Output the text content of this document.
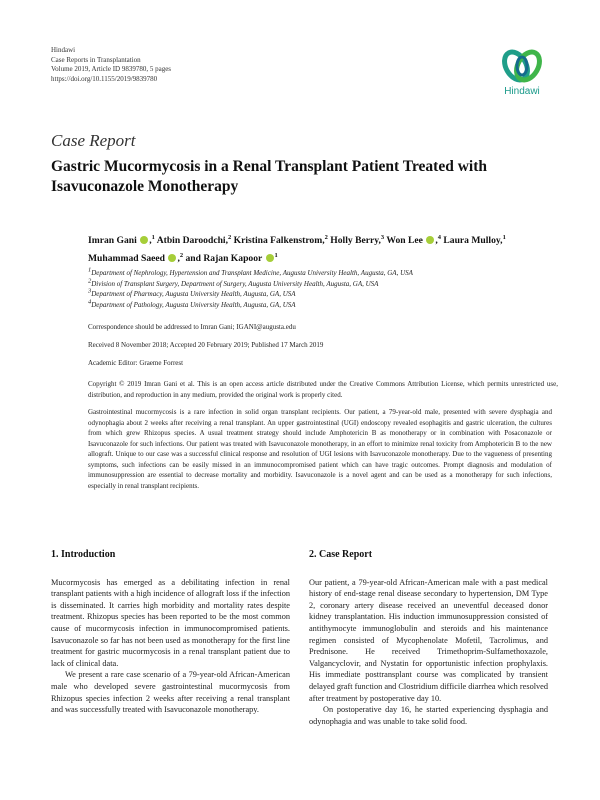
Hindawi
Case Reports in Transplantation
Volume 2019, Article ID 9839780, 5 pages
https://doi.org/10.1155/2019/9839780
Hindawi
Case Report
Gastric Mucormycosis in a Renal Transplant Patient Treated with Isavuconazole Monotherapy
Imran Gani ,$^1$ Atbin Daroodchi,$^2$ Kristina Falkenstrom,$^2$ Holly Berry,$^3$ Won Lee ,$^4$ Laura Mulloy,$^1$ Muhammad Saeed ,$^2$ and Rajan Kapoor $^1$
$^1$Department of Nephrology, Hypertension and Transplant Medicine, Augusta University Health, Augusta, GA, USA
$^2$Division of Transplant Surgery, Department of Surgery, Augusta University Health, Augusta, GA, USA
$^3$Department of Pharmacy, Augusta University Health, Augusta, GA, USA
$^4$Department of Pathology, Augusta University Health, Augusta, GA, USA
Correspondence should be addressed to Imran Gani; IGANI@augusta.edu
Received 8 November 2018; Accepted 20 February 2019; Published 17 March 2019
Academic Editor: Graeme Forrest
Copyright © 2019 Imran Gani et al. This is an open access article distributed under the Creative Commons Attribution License, which permits unrestricted use, distribution, and reproduction in any medium, provided the original work is properly cited.
Gastrointestinal mucormycosis is a rare infection in solid organ transplant recipients. Our patient, a 79-year-old male, presented with severe dysphagia and odynophagia about 2 weeks after receiving a renal transplant. An upper gastrointestinal (UGI) endoscopy revealed esophagitis and gastric ulceration, the cultures from which grew Rhizopus species. A usual treatment strategy should include Amphotericin B as monotherapy or in combination with Posaconazole or Isavuconazole for such infections. Our patient was treated with Isavuconazole monotherapy, in an effort to minimize renal toxicity from Amphotericin B to the new allograft. Unique to our case was a successful clinical response and resolution of UGI lesions with Isavuconazole monotherapy. Due to the vagueness of presenting symptoms, such infections can be easily missed in an immunocompromised patient which can have tragic outcomes. Prompt diagnosis and modulation of immunosuppression are essential to decrease mortality and morbidity. Isavuconazole is a novel agent and can be used as a monotherapy for such infections, especially in renal transplant recipients.
1. Introduction

Mucormycosis has emerged as a debilitating infection in renal transplant patients with a high incidence of allograft loss if the infection is disseminated. It carries high morbidity and mortality rates despite treatment. Rhizopus species has been reported to be the most common cause of mucormycosis infection in immunocompromised patients. Isavuconazole so far has not been used as monotherapy for the first line treatment for gastric mucormycosis in a renal transplant patient due to lack of clinical data.

We present a rare case scenario of a 79-year-old African-American male who developed severe gastrointestinal mucormycosis from Rhizopus species infection 2 weeks after receiving a renal transplant and was successfully treated with Isavuconazole monotherapy.

2. Case Report

Our patient, a 79-year-old African-American male with a past medical history of end-stage renal disease secondary to hypertension, DM Type 2, coronary artery disease received an uneventful deceased donor kidney transplantation. His induction immunosuppression consisted of antithymocyte immunoglobulin and steroids and his maintenance regimen consisted of Mycophenolate Mofetil, Tacrolimus, and Prednisone. He received Trimethoprim-Sulfamethoxazole, Valgancyclovir, and Nystatin for opportunistic infection prophylaxis. His immediate posttransplant course was complicated by transient delayed graft function and Clostridium difficile diarrhea which resolved after treatment by postoperative day 10.

On postoperative day 16, he started experiencing dysphagia and odynophagia and was unable to take solid food.
